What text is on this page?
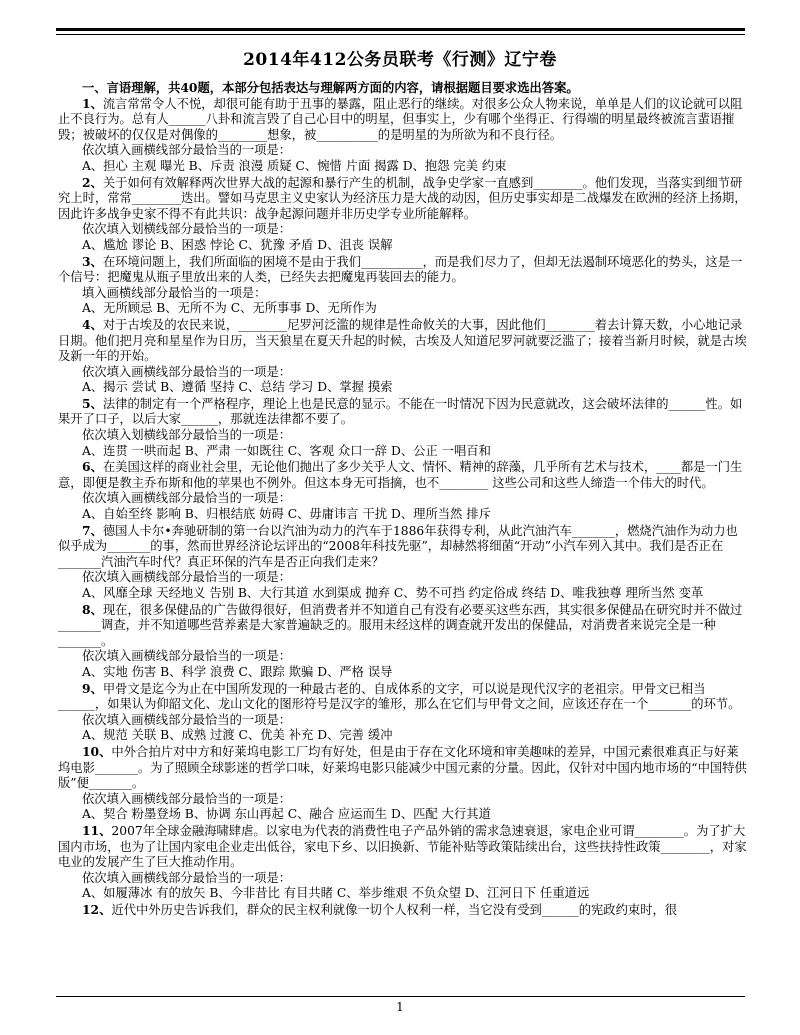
2014年412公务员联考《行测》辽宁卷

一、言语理解，共40题，本部分包括表达与理解两方面的内容，请根据题目要求选出答案。

1、流言常常令人不悦，却很可能有助于丑事的暴露，阻止恶行的继续。对很多公众人物来说，单单是人们的议论就可以阻止不良行为。总有人______八卦和流言毁了自己心目中的明星，但事实上，少有哪个坐得正、行得端的明星最终被流言蜚语摧毁；被破坏的仅仅是对偶像的________想象，被__________的是明星的为所欲为和不良行径。

依次填入画横线部分最恰当的一项是：

A、担心 主观 曝光 B、斥责 浪漫 质疑 C、惋惜 片面 揭露 D、抱怨 完美 约束

2、关于如何有效解释两次世界大战的起源和暴行产生的机制，战争史学家一直感到________。他们发现，当落实到细节研究上时，常常________迭出。譬如马克思主义史家认为经济压力是大战的动因，但历史事实却是二战爆发在欧洲的经济上扬期，因此许多战争史家不得不有此共识：战争起源问题并非历史学专业所能解释。

依次填入划横线部分最恰当的一项是：

A、尴尬 谬论 B、困惑 悖论 C、犹豫 矛盾 D、沮丧 误解

3、在环境问题上，我们所面临的困境不是由于我们__________，而是我们尽力了，但却无法遏制环境恶化的势头，这是一个信号：把魔鬼从瓶子里放出来的人类，已经失去把魔鬼再装回去的能力。

填入画横线部分最恰当的一项是：

A、无所顾忌 B、无所不为 C、无所事事 D、无所作为

4、对于古埃及的农民来说，________尼罗河泛滥的规律是性命攸关的大事，因此他们________着去计算天数，小心地记录日期。他们把月亮和星星作为日历，当天狼星在夏天升起的时候，古埃及人知道尼罗河就要泛滥了；接着当新月时候，就是古埃及新一年的开始。

依次填入画横线部分最恰当的一项是：

A、揭示 尝试 B、遵循 坚持 C、总结 学习 D、掌握 摸索

5、法律的制定有一个严格程序，理论上也是民意的显示。不能在一时情况下因为民意就改，这会破坏法律的______性。如果开了口子，以后大家______，那就连法律都不要了。

依次填入划横线部分最恰当的一项是：

A、连贯 一哄而起 B、严肃 一如既往 C、客观 众口一辞 D、公正 一唱百和

6、在美国这样的商业社会里，无论他们抛出了多少关乎人文、情怀、精神的辞藻，几乎所有艺术与技术，____都是一门生意，即便是教主乔布斯和他的苹果也不例外。但这本身无可指摘，也不________ 这些公司和这些人缔造一个伟大的时代。

依次填入画横线部分最恰当的一项是：

A、自始至终 影响 B、归根结底 妨碍 C、毋庸讳言 干扰 D、理所当然 排斥

7、德国人卡尔•奔驰研制的第一台以汽油为动力的汽车于1886年获得专利，从此汽油汽车_______，燃烧汽油作为动力也似乎成为_______的事，然而世界经济论坛评出的“2008年科技先驱”，却赫然将细菌“开动”小汽车列入其中。我们是否正在_______汽油汽车时代？真正环保的汽车是否正向我们走来？

依次填入画横线部分最恰当的一项是：

A、风靡全球 天经地义 告别 B、大行其道 水到渠成 抛弃 C、势不可挡 约定俗成 终结 D、唯我独尊 理所当然 变革

8、现在，很多保健品的广告做得很好，但消费者并不知道自己有没有必要买这些东西，其实很多保健品在研究时并不做过_______调查，并不知道哪些营养素是大家普遍缺乏的。服用未经这样的调查就开发出的保健品，对消费者来说完全是一种_______。

依次填入画横线部分最恰当的一项是：

A、实地 伤害 B、科学 浪费 C、跟踪 欺骗 D、严格 误导

9、甲骨文是迄今为止在中国所发现的一种最古老的、自成体系的文字，可以说是现代汉字的老祖宗。甲骨文已相当______，如果认为仰韶文化、龙山文化的图形符号是汉字的雏形，那么在它们与甲骨文之间，应该还存在一个_______的环节。

依次填入画横线部分最恰当的一项是：

A、规范 关联 B、成熟 过渡 C、优美 补充 D、完善 缓冲

10、中外合拍片对中方和好莱坞电影工厂均有好处，但是由于存在文化环境和审美趣味的差异，中国元素很难真正与好莱坞电影_______。为了照顾全球影迷的哲学口味，好莱坞电影只能减少中国元素的分量。因此，仅针对中国内地市场的“中国特供版”便_______。

依次填入画横线部分最恰当的一项是：

A、契合 粉墨登场 B、协调 东山再起 C、融合 应运而生 D、匹配 大行其道

11、2007年全球金融海啸肆虐。以家电为代表的消费性电子产品外销的需求急速衰退，家电企业可谓________。为了扩大国内市场，也为了让国内家电企业走出低谷，家电下乡、以旧换新、节能补贴等政策陆续出台，这些扶持性政策________，对家电业的发展产生了巨大推动作用。

依次填入画横线部分最恰当的一项是：

A、如履薄冰 有的放矢 B、今非昔比 有目共睹 C、举步维艰 不负众望 D、江河日下 任重道远

12、近代中外历史告诉我们，群众的民主权利就像一切个人权利一样，当它没有受到______的宪政约束时，很

1
